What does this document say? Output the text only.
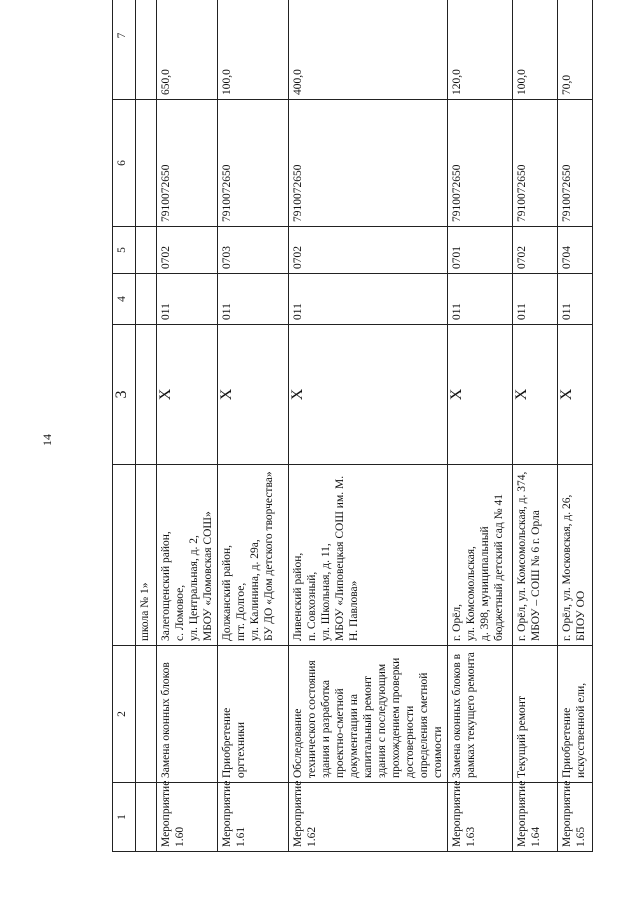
14
1	2		3	4	5	6	7
		школа № 1»					
Мероприятие 1.60	Замена оконных блоков	Залегощенский район,
с. Ломовое,
ул. Центральная, д. 2,
МБОУ «Ломовская СОШ»	X	011	0702	7910072650	650,0
Мероприятие 1.61	Приобретение оргтехники	Должанский район,
пгт. Долгое,
ул. Калинина, д. 29а,
БУ ДО «Дом детского творчества»	X	011	0703	7910072650	100,0
Мероприятие 1.62	Обследование технического состояния здания и разработка проектно-сметной документации на капитальный ремонт здания с последующим прохождением проверки достоверности определения сметной стоимости	Ливенский район,
п. Совхозный,
ул. Школьная, д. 11,
МБОУ «Липовецкая СОШ им. М. Н. Павлова»	X	011	0702	7910072650	400,0
Мероприятие 1.63	Замена оконных блоков в рамках текущего ремонта	г. Орёл,
ул. Комсомольская,
д. 398, муниципальный бюджетный детский сад № 41	X	011	0701	7910072650	120,0
Мероприятие 1.64	Текущий ремонт	г. Орёл, ул. Комсомольская, д. 374, МБОУ – СОШ № 6 г. Орла	X	011	0702	7910072650	100,0
Мероприятие 1.65	Приобретение искусственной ели,	г. Орёл, ул. Московская, д. 26, БПОУ ОО	X	011	0704	7910072650	70,0
